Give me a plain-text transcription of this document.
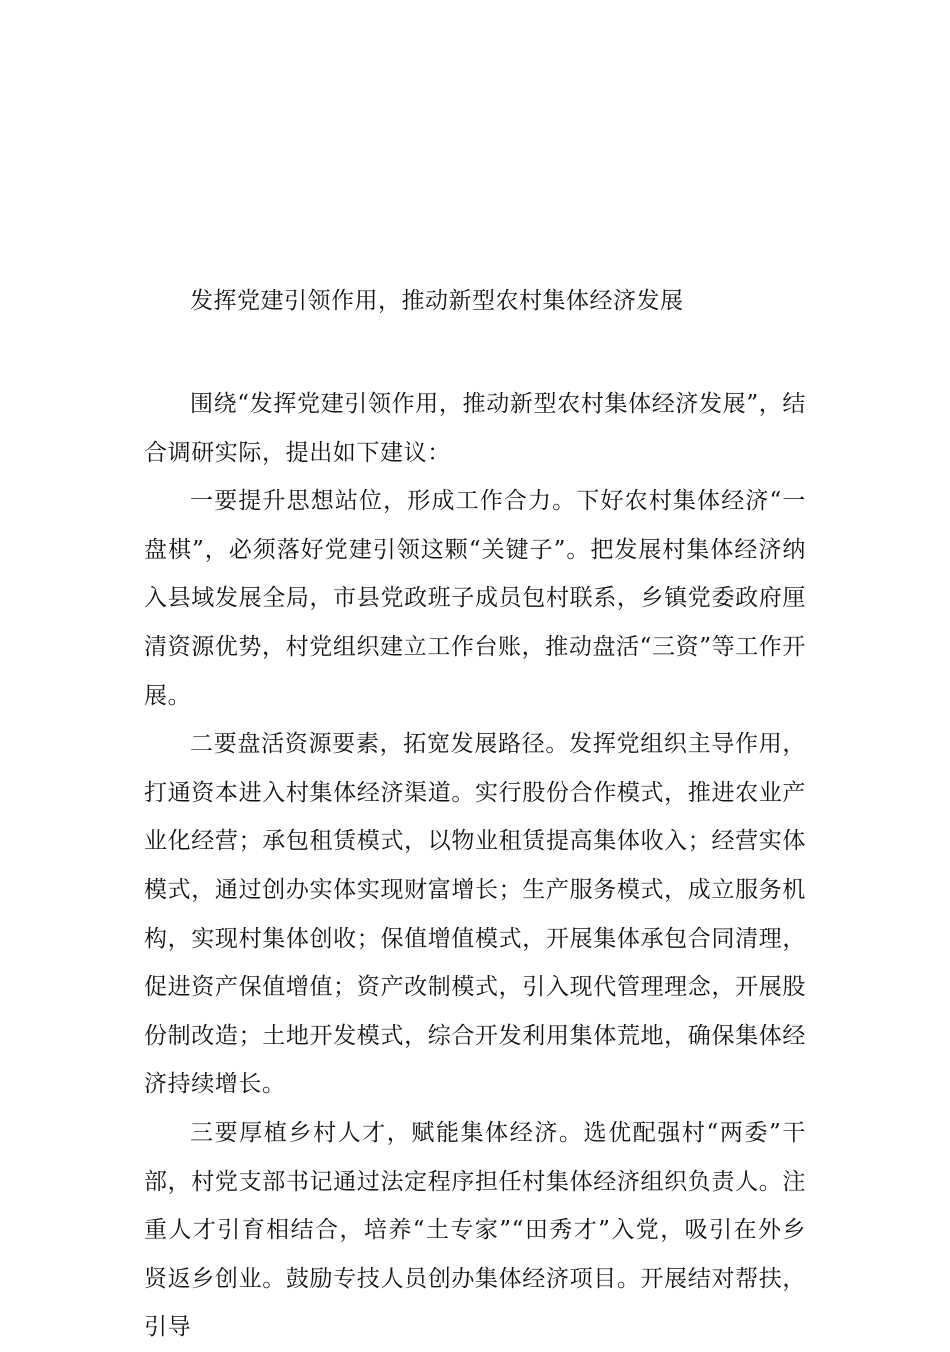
发挥党建引领作用，推动新型农村集体经济发展

围绕“发挥党建引领作用，推动新型农村集体经济发展”，结合调研实际，提出如下建议：

一要提升思想站位，形成工作合力。下好农村集体经济“一盘棋”，必须落好党建引领这颗“关键子”。把发展村集体经济纳入县域发展全局，市县党政班子成员包村联系，乡镇党委政府厘清资源优势，村党组织建立工作台账，推动盘活“三资”等工作开展。

二要盘活资源要素，拓宽发展路径。发挥党组织主导作用，打通资本进入村集体经济渠道。实行股份合作模式，推进农业产业化经营；承包租赁模式，以物业租赁提高集体收入；经营实体模式，通过创办实体实现财富增长；生产服务模式，成立服务机构，实现村集体创收；保值增值模式，开展集体承包合同清理，促进资产保值增值；资产改制模式，引入现代管理理念，开展股份制改造；土地开发模式，综合开发利用集体荒地，确保集体经济持续增长。

三要厚植乡村人才，赋能集体经济。选优配强村“两委”干部，村党支部书记通过法定程序担任村集体经济组织负责人。注重人才引育相结合，培养“土专家”“田秀才”入党，吸引在外乡贤返乡创业。鼓励专技人员创办集体经济项目。开展结对帮扶，引导
